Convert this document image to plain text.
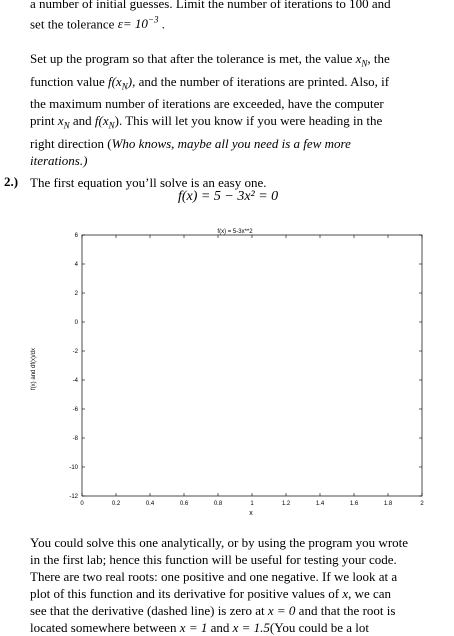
a number of initial guesses. Limit the number of iterations to 100 and
set the tolerance $\varepsilon= 10^{-3}$ .
Set up the program so that after the tolerance is met, the value $x_N$, the
function value $f(x_N)$, and the number of iterations are printed. Also, if
the maximum number of iterations are exceeded, have the computer
print $x_N$ and $f(x_N)$. This will let you know if you were heading in the
right direction (Who knows, maybe all you need is a few more
iterations.)
2.) The first equation you’ll solve is an easy one.
f(x) = 5 − 3x² = 0
0	0.2	0.4	0.6	0.8	1	1.2	1.4	1.6	1.8	2
6
4
2
0
-2
-4
-6
-8
-10
-12
f(x) = 5-3x**2
x
f(x) and df(x)/dx
You could solve this one analytically, or by using the program you wrote
in the first lab; hence this function will be useful for testing your code.
There are two real roots: one positive and one negative. If we look at a
plot of this function and its derivative for positive values of x, we can
see that the derivative (dashed line) is zero at x = 0 and that the root is
located somewhere between x = 1 and x = 1.5(You could be a lot
